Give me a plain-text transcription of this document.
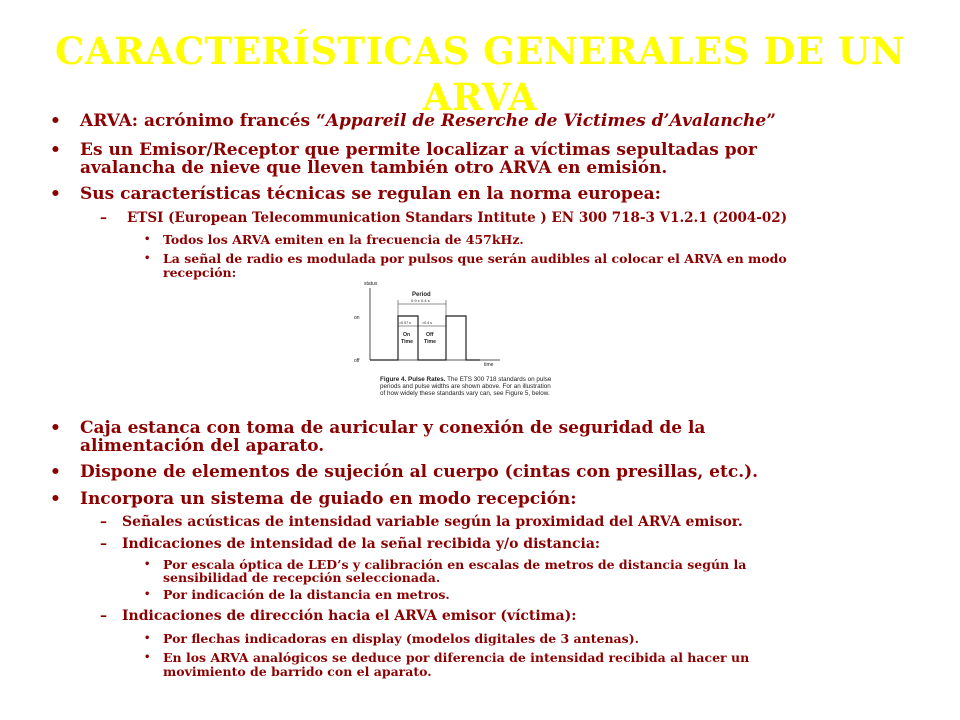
CARACTERÍSTICAS GENERALES DE UN ARVA
• ARVA: acrónimo francés “Appareil de Reserche de Victimes d’Avalanche”
• Es un Emisor/Receptor que permite localizar a víctimas sepultadas por
avalancha de nieve que lleven también otro ARVA en emisión.
• Sus características técnicas se regulan en la norma europea:
– ETSI (European Telecommunication Standars Intitute ) EN 300 718-3 V1.2.1 (2004-02)
• Todos los ARVA emiten en la frecuencia de 457kHz.
• La señal de radio es modulada por pulsos que serán audibles al colocar el ARVA en modo
recepción:
status
time
on
off
Period
0.9 ± 0.4 s
>0.07 s	>0.4 s
On
Time
Off
Time
Figure 4. Pulse Rates. The ETS 300 718 standards on pulse
periods and pulse widths are shown above. For an illustration
of how widely these standards vary can, see Figure 5, below.
• Caja estanca con toma de auricular y conexión de seguridad de la
alimentación del aparato.
• Dispone de elementos de sujeción al cuerpo (cintas con presillas, etc.).
• Incorpora un sistema de guiado en modo recepción:
– Señales acústicas de intensidad variable según la proximidad del ARVA emisor.
– Indicaciones de intensidad de la señal recibida y/o distancia:
• Por escala óptica de LED’s y calibración en escalas de metros de distancia según la
sensibilidad de recepción seleccionada.
• Por indicación de la distancia en metros.
– Indicaciones de dirección hacia el ARVA emisor (víctima):
• Por flechas indicadoras en display (modelos digitales de 3 antenas).
• En los ARVA analógicos se deduce por diferencia de intensidad recibida al hacer un
movimiento de barrido con el aparato.
